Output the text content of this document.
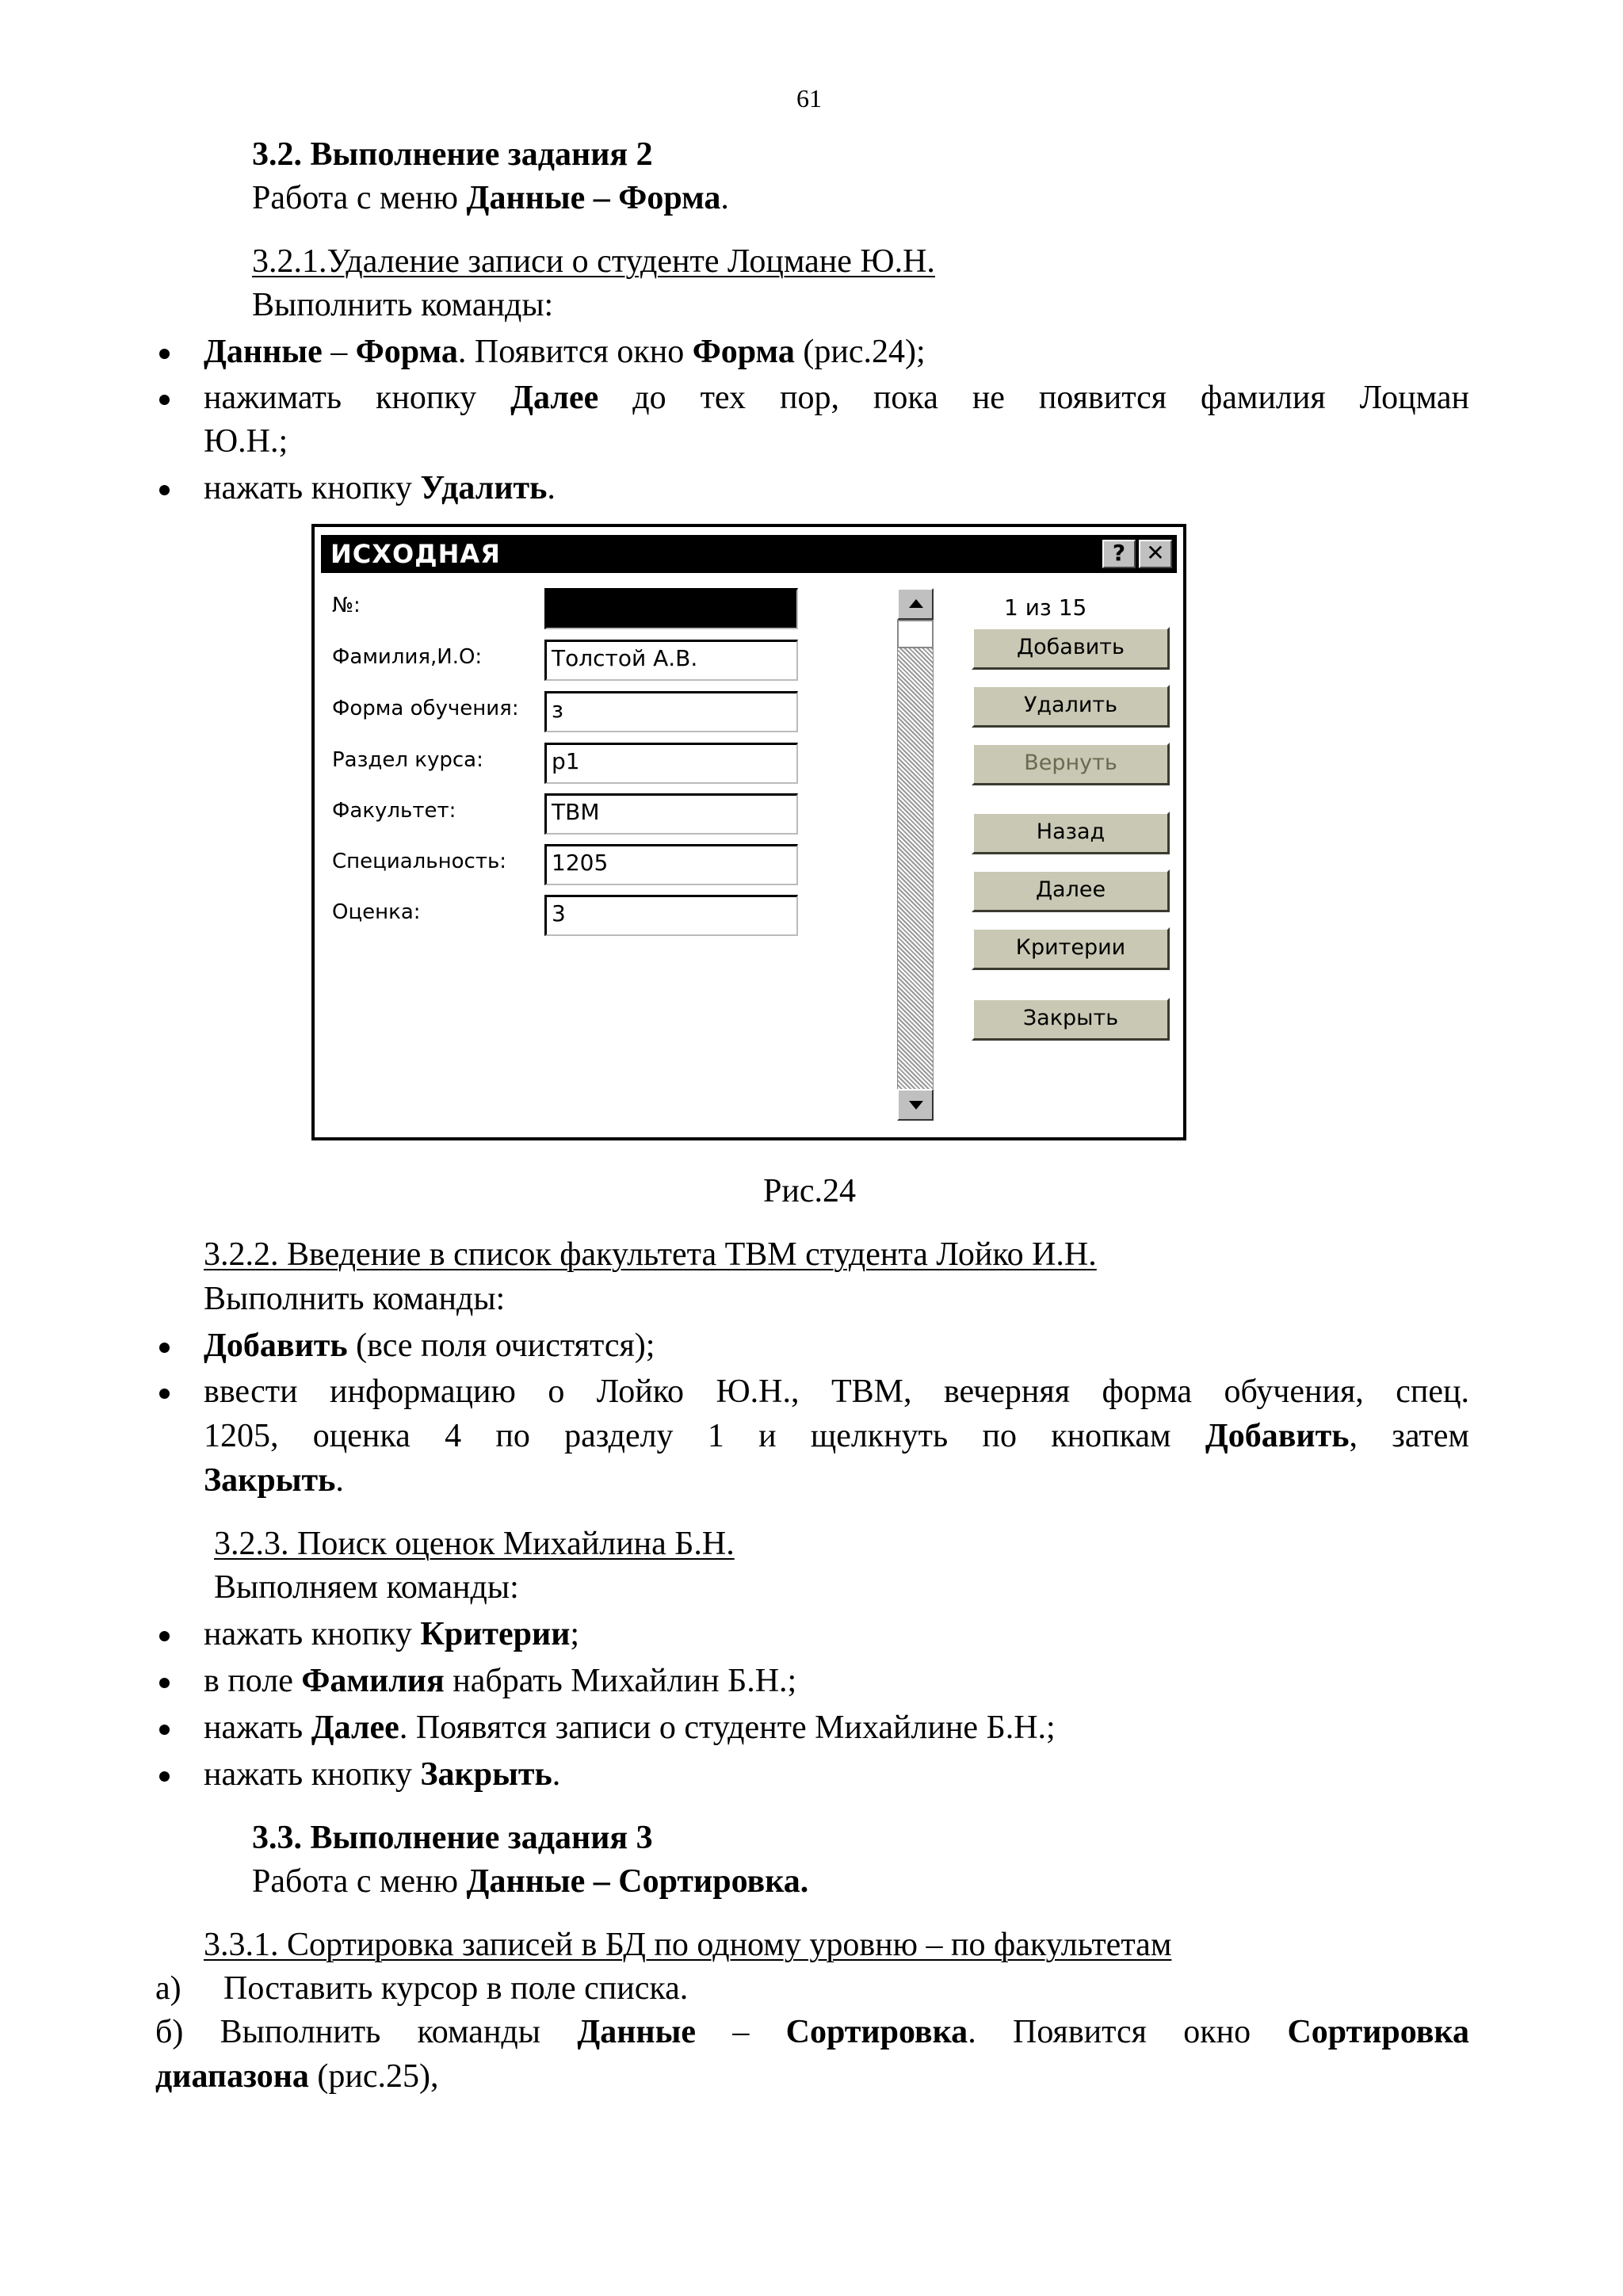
61
3.2. Выполнение задания 2
Работа с меню Данные – Форма.
3.2.1.Удаление записи о студенте Лоцмане Ю.Н.
Выполнить команды:
Данные – Форма. Появится окно Форма (рис.24);
нажимать кнопку Далее до тех пор, пока не появится фамилия Лоцман
Ю.Н.;
нажать кнопку Удалить.
ИСХОДНАЯ	? ✕
№:	1
Фамилия,И.О:	Толстой А.В.
Форма обучения:	з
Раздел курса:	р1
Факультет:	ТВМ
Специальность:	1205
Оценка:	3
1 из 15
Добавить
Удалить
Вернуть
Назад
Далее
Критерии
Закрыть
Рис.24
3.2.2. Введение в список факультета ТВМ студента Лойко И.Н.
Выполнить команды:
Добавить (все поля очистятся);
ввести информацию о Лойко Ю.Н., ТВМ, вечерняя форма обучения, спец.
1205, оценка 4 по разделу 1 и щелкнуть по кнопкам Добавить, затем
Закрыть.
3.2.3. Поиск оценок Михайлина Б.Н.
Выполняем команды:
нажать кнопку Критерии;
в поле Фамилия набрать Михайлин Б.Н.;
нажать Далее. Появятся записи о студенте Михайлине Б.Н.;
нажать кнопку Закрыть.
3.3. Выполнение задания 3
Работа с меню Данные – Сортировка.
3.3.1. Сортировка записей в БД по одному уровню – по факультетам
а) Поставить курсор в поле списка.
б) Выполнить команды Данные – Сортировка. Появится окно Сортировка
диапазона (рис.25),
